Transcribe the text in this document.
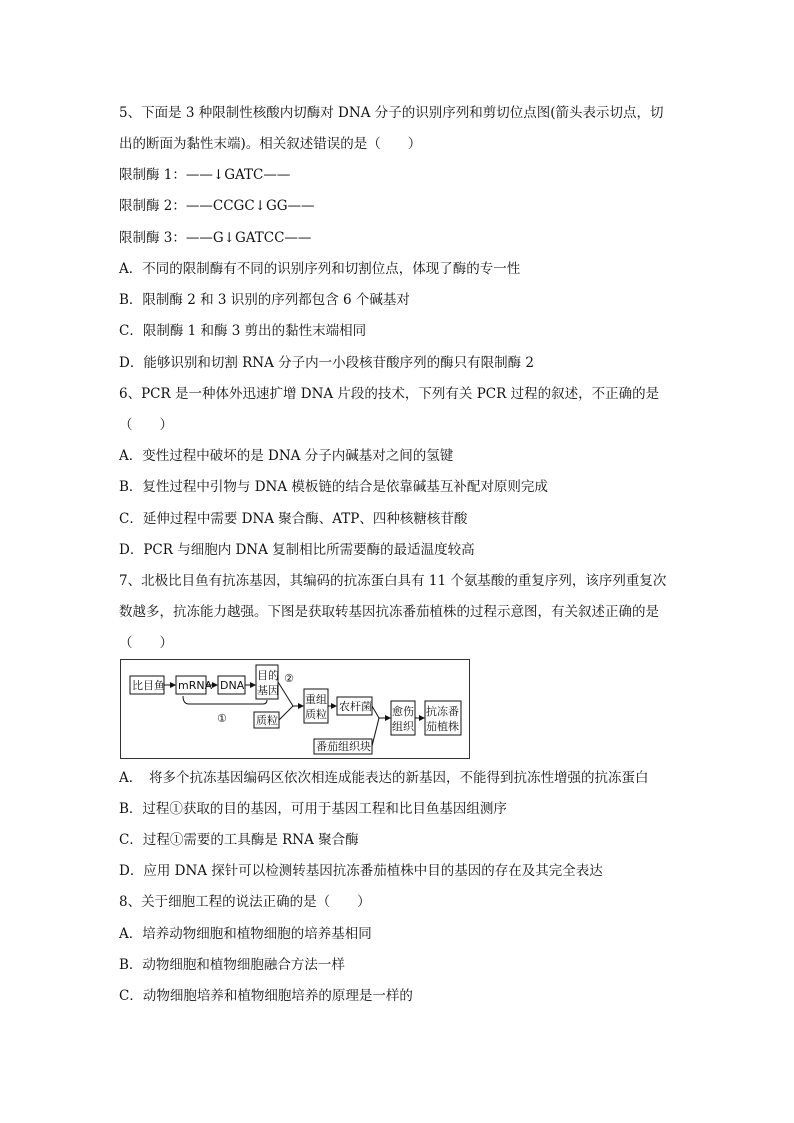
5、下面是 3 种限制性核酸内切酶对 DNA 分子的识别序列和剪切位点图(箭头表示切点，切
出的断面为黏性末端)。相关叙述错误的是（　　）
限制酶 1：——↓GATC——
限制酶 2：——CCGC↓GG——
限制酶 3：——G↓GATCC——
A．不同的限制酶有不同的识别序列和切割位点，体现了酶的专一性
B．限制酶 2 和 3 识别的序列都包含 6 个碱基对
C．限制酶 1 和酶 3 剪出的黏性末端相同
D．能够识别和切割 RNA 分子内一小段核苷酸序列的酶只有限制酶 2
6、PCR 是一种体外迅速扩增 DNA 片段的技术，下列有关 PCR 过程的叙述，不正确的是
（　　）
A．变性过程中破坏的是 DNA 分子内碱基对之间的氢键
B．复性过程中引物与 DNA 模板链的结合是依靠碱基互补配对原则完成
C．延伸过程中需要 DNA 聚合酶、ATP、四种核糖核苷酸
D．PCR 与细胞内 DNA 复制相比所需要酶的最适温度较高
7、北极比目鱼有抗冻基因，其编码的抗冻蛋白具有 11 个氨基酸的重复序列，该序列重复次
数越多，抗冻能力越强。下图是获取转基因抗冻番茄植株的过程示意图，有关叙述正确的是
（　　）
比目鱼 mRNA DNA
目的
基因
②
质粒
①
重组
质粒
农杆菌
番茄组织块
愈伤
组织
抗冻番
茄植株
A．　将多个抗冻基因编码区依次相连成能表达的新基因，不能得到抗冻性增强的抗冻蛋白
B．过程①获取的目的基因，可用于基因工程和比目鱼基因组测序
C．过程①需要的工具酶是 RNA 聚合酶
D．应用 DNA 探针可以检测转基因抗冻番茄植株中目的基因的存在及其完全表达
8、关于细胞工程的说法正确的是（　　）
A．培养动物细胞和植物细胞的培养基相同
B．动物细胞和植物细胞融合方法一样
C．动物细胞培养和植物细胞培养的原理是一样的
